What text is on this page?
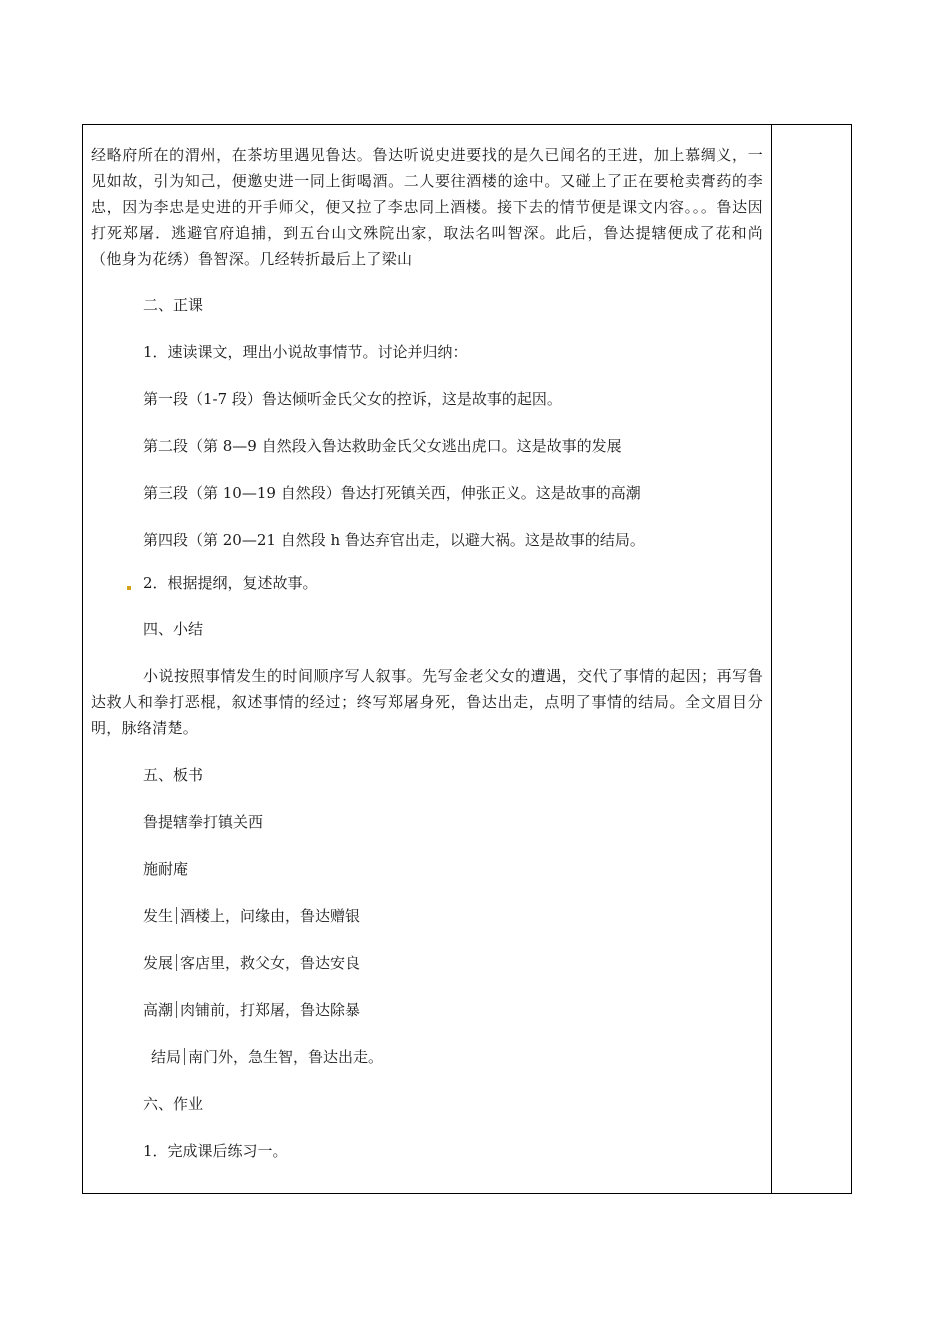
经略府所在的渭州，在茶坊里遇见鲁达。鲁达听说史进要找的是久已闻名的王进，加上慕绸义，一见如故，引为知己，便邀史进一同上街喝酒。二人要往酒楼的途中。又碰上了正在要枪卖膏药的李忠，因为李忠是史进的开手师父，便又拉了李忠同上酒楼。接下去的情节便是课文内容。。。鲁达因打死郑屠．逃避官府追捕，到五台山文殊院出家，取法名叫智深。此后，鲁达提辖便成了花和尚（他身为花绣）鲁智深。几经转折最后上了梁山

二、正课

1．速读课文，理出小说故事情节。讨论并归纳：

第一段（1-7 段）鲁达倾听金氏父女的控诉，这是故事的起因。

第二段（第 8—9 自然段入鲁达救助金氏父女逃出虎口。这是故事的发展

第三段（第 10—19 自然段）鲁达打死镇关西，伸张正义。这是故事的高潮

第四段（第 20—21 自然段 h 鲁达弃官出走，以避大祸。这是故事的结局。

2．根据提纲，复述故事。

四、小结

小说按照事情发生的时间顺序写人叙事。先写金老父女的遭遇，交代了事情的起因；再写鲁达救人和拳打恶棍，叙述事情的经过；终写郑屠身死，鲁达出走，点明了事情的结局。全文眉目分明，脉络清楚。

五、板书

鲁提辖拳打镇关西

施耐庵

发生 酒楼上，问缘由，鲁达赠银

发展 客店里，救父女，鲁达安良

高潮 肉铺前，打郑屠，鲁达除暴

结局 南门外，急生智，鲁达出走。

六、作业

1．完成课后练习一。
